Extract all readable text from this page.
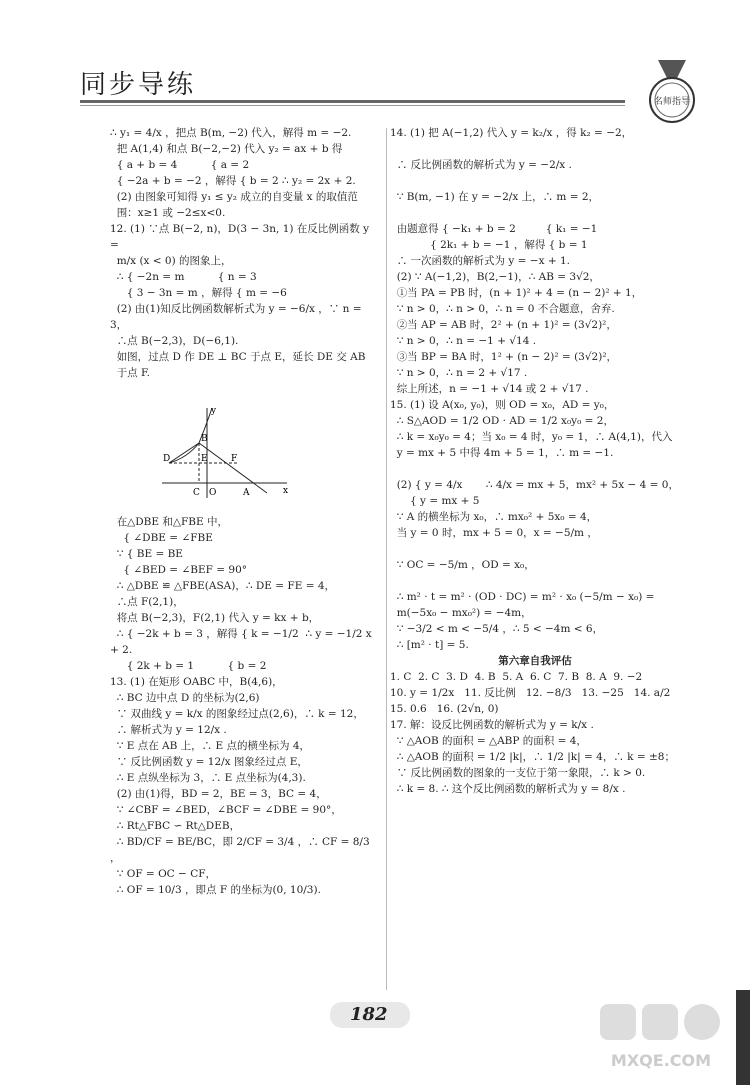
同步导练
名师指导
∴ y₁ = 4/x ，把点 B(m, −2) 代入，解得 m = −2.
把 A(1,4) 和点 B(−2,−2) 代入 y₂ = ax + b 得
{ a + b = 4          { a = 2
{ −2a + b = −2 ，解得 { b = 2 ∴ y₂ = 2x + 2.
(2) 由图象可知得 y₁ ≤ y₂ 成立的自变量 x 的取值范
围：x≥1 或 −2≤x<0.
12. (1) ∵点 B(−2, n)，D(3 − 3n, 1) 在反比例函数 y =
m/x (x < 0) 的图象上，
∴ { −2n = m          { n = 3
{ 3 − 3n = m ，解得 { m = −6
(2) 由(1)知反比例函数解析式为 y = −6/x ，∵ n = 3，
∴点 B(−2,3)，D(−6,1).
如图，过点 D 作 DE ⊥ BC 于点 E，延长 DE 交 AB
于点 F.

D
B
E	F
C O	A
y
x

在△DBE 和△FBE 中，
{ ∠DBE = ∠FBE
∵ { BE = BE
{ ∠BED = ∠BEF = 90°
∴ △DBE ≌ △FBE(ASA)，∴ DE = FE = 4，
∴点 F(2,1)，
将点 B(−2,3)，F(2,1) 代入 y = kx + b，
∴ { −2k + b = 3 ，解得 { k = −1/2  ∴ y = −1/2 x + 2.
{ 2k + b = 1          { b = 2
13. (1) 在矩形 OABC 中，B(4,6)，
∴ BC 边中点 D 的坐标为(2,6)
∵ 双曲线 y = k/x 的图象经过点(2,6)，∴ k = 12，
∴ 解析式为 y = 12/x .
∵ E 点在 AB 上，∴ E 点的横坐标为 4，
∵ 反比例函数 y = 12/x 图象经过点 E，
∴ E 点纵坐标为 3，∴ E 点坐标为(4,3).
(2) 由(1)得，BD = 2，BE = 3，BC = 4，
∵ ∠CBF = ∠BED，∠BCF = ∠DBE = 90°，
∴ Rt△FBC ∽ Rt△DEB，
∴ BD/CF = BE/BC，即 2/CF = 3/4 ，∴ CF = 8/3 ，
∵ OF = OC − CF，
∴ OF = 10/3 ，即点 F 的坐标为(0, 10/3).
14. (1) 把 A(−1,2) 代入 y = k₂/x ，得 k₂ = −2，
∴ 反比例函数的解析式为 y = −2/x .
∵ B(m, −1) 在 y = −2/x 上，∴ m = 2，
由题意得 { −k₁ + b = 2         { k₁ = −1
{ 2k₁ + b = −1 ，解得 { b = 1
∴ 一次函数的解析式为 y = −x + 1.
(2) ∵ A(−1,2)，B(2,−1)，∴ AB = 3√2，
①当 PA = PB 时，(n + 1)² + 4 = (n − 2)² + 1，
∵ n > 0，∴ n > 0，∴ n = 0 不合题意，舍弃.
②当 AP = AB 时，2² + (n + 1)² = (3√2)²，
∵ n > 0，∴ n = −1 + √14 .
③当 BP = BA 时，1² + (n − 2)² = (3√2)²，
∵ n > 0，∴ n = 2 + √17 .
综上所述，n = −1 + √14 或 2 + √17 .
15. (1) 设 A(x₀, y₀)，则 OD = x₀，AD = y₀，
∴ S△AOD = 1/2 OD · AD = 1/2 x₀y₀ = 2，
∴ k = x₀y₀ = 4；当 x₀ = 4 时，y₀ = 1，∴ A(4,1)，代入
y = mx + 5 中得 4m + 5 = 1，∴ m = −1.
(2) { y = 4/x       ∴ 4/x = mx + 5，mx² + 5x − 4 = 0，
{ y = mx + 5
∵ A 的横坐标为 x₀，∴ mx₀² + 5x₀ = 4，
当 y = 0 时，mx + 5 = 0，x = −5/m ，
∵ OC = −5/m ，OD = x₀，
∴ m² · t = m² · (OD · DC) = m² · x₀ (−5/m − x₀) =
m(−5x₀ − mx₀²) = −4m，
∵ −3/2 < m < −5/4 ，∴ 5 < −4m < 6，
∴ [m² · t] = 5.
第六章自我评估
1. C  2. C  3. D  4. B  5. A  6. C  7. B  8. A  9. −2
10. y = 1/2x   11. 反比例   12. −8/3   13. −25   14. a/2
15. 0.6   16. (2√n, 0)
17. 解：设反比例函数的解析式为 y = k/x .
∵ △AOB 的面积 = △ABP 的面积 = 4，
∴ △AOB 的面积 = 1/2 |k|，∴ 1/2 |k| = 4，∴ k = ±8；
∵ 反比例函数的图象的一支位于第一象限，∴ k > 0.
∴ k = 8. ∴ 这个反比例函数的解析式为 y = 8/x .
182
MXQE.COM
